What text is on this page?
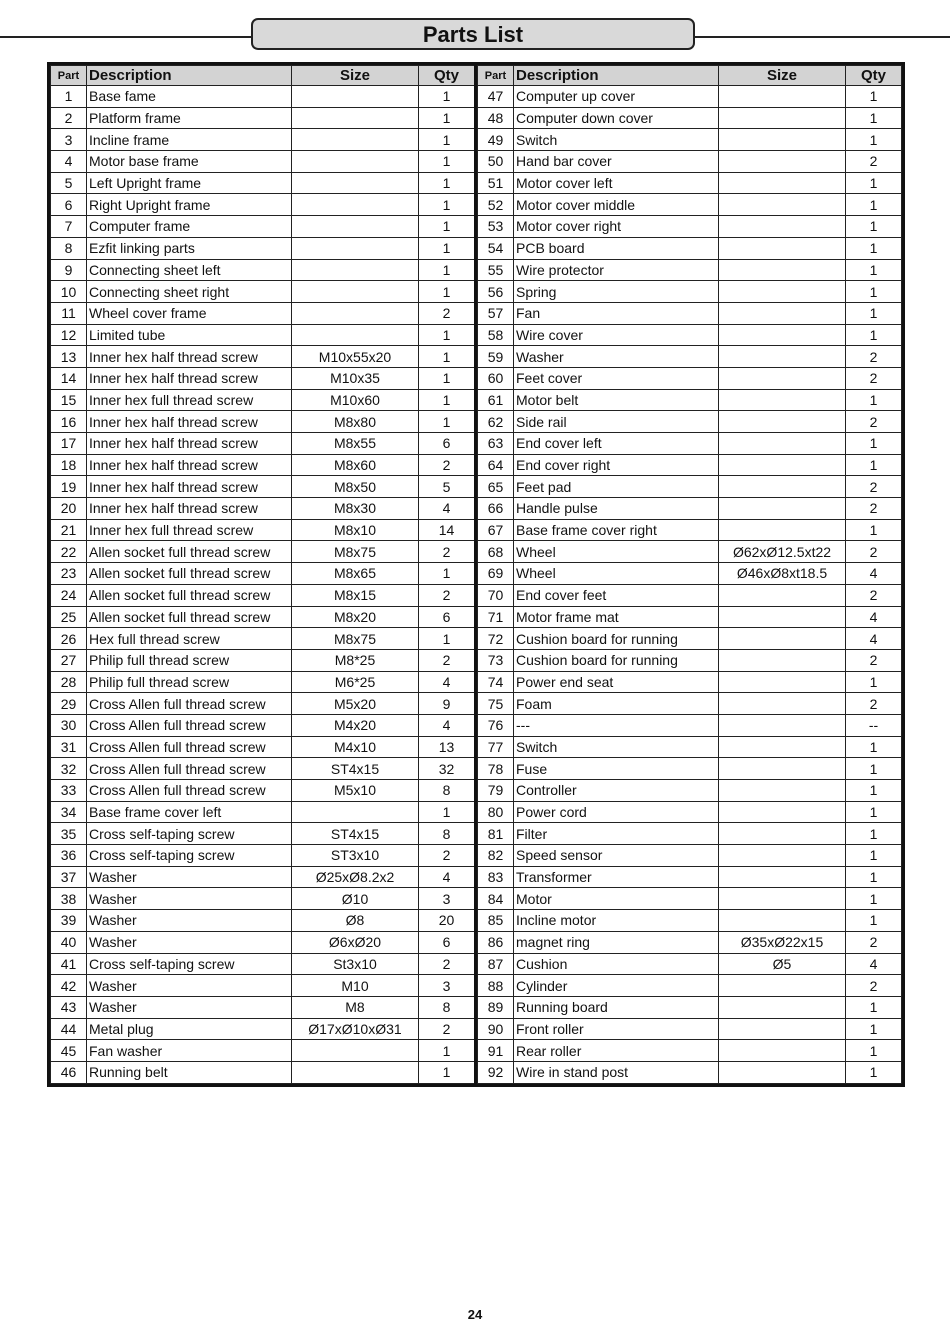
Parts List
Part	Description	Size	Qty
1	Base fame		1
2	Platform frame		1
3	Incline frame		1
4	Motor base frame		1
5	Left Upright frame		1
6	Right Upright frame		1
7	Computer frame		1
8	Ezfit linking parts		1
9	Connecting sheet left		1
10	Connecting sheet right		1
11	Wheel cover frame		2
12	Limited tube		1
13	Inner hex half thread screw	M10x55x20	1
14	Inner hex half thread screw	M10x35	1
15	Inner hex full thread screw	M10x60	1
16	Inner hex half thread screw	M8x80	1
17	Inner hex half thread screw	M8x55	6
18	Inner hex half thread screw	M8x60	2
19	Inner hex half thread screw	M8x50	5
20	Inner hex half thread screw	M8x30	4
21	Inner hex full thread screw	M8x10	14
22	Allen socket full thread screw	M8x75	2
23	Allen socket full thread screw	M8x65	1
24	Allen socket full thread screw	M8x15	2
25	Allen socket full thread screw	M8x20	6
26	Hex full thread screw	M8x75	1
27	Philip full thread screw	M8*25	2
28	Philip full thread screw	M6*25	4
29	Cross Allen full thread screw	M5x20	9
30	Cross Allen full thread screw	M4x20	4
31	Cross Allen full thread screw	M4x10	13
32	Cross Allen full thread screw	ST4x15	32
33	Cross Allen full thread screw	M5x10	8
34	Base frame cover left		1
35	Cross self-taping screw	ST4x15	8
36	Cross self-taping screw	ST3x10	2
37	Washer	Ø25xØ8.2x2	4
38	Washer	Ø10	3
39	Washer	Ø8	20
40	Washer	Ø6xØ20	6
41	Cross self-taping screw	St3x10	2
42	Washer	M10	3
43	Washer	M8	8
44	Metal plug	Ø17xØ10xØ31	2
45	Fan washer		1
46	Running belt		1
Part	Description	Size	Qty
47	Computer up cover		1
48	Computer down cover		1
49	Switch		1
50	Hand bar cover		2
51	Motor cover left		1
52	Motor cover middle		1
53	Motor cover right		1
54	PCB board		1
55	Wire protector		1
56	Spring		1
57	Fan		1
58	Wire cover		1
59	Washer		2
60	Feet cover		2
61	Motor belt		1
62	Side rail		2
63	End cover left		1
64	End cover right		1
65	Feet pad		2
66	Handle pulse		2
67	Base frame cover right		1
68	Wheel	Ø62xØ12.5xt22	2
69	Wheel	Ø46xØ8xt18.5	4
70	End cover feet		2
71	Motor frame mat		4
72	Cushion board for running		4
73	Cushion board for running		2
74	Power end seat		1
75	Foam		2
76	---		--
77	Switch		1
78	Fuse		1
79	Controller		1
80	Power cord		1
81	Filter		1
82	Speed sensor		1
83	Transformer		1
84	Motor		1
85	Incline motor		1
86	magnet ring	Ø35xØ22x15	2
87	Cushion	Ø5	4
88	Cylinder		2
89	Running board		1
90	Front roller		1
91	Rear roller		1
92	Wire in stand post		1
24
